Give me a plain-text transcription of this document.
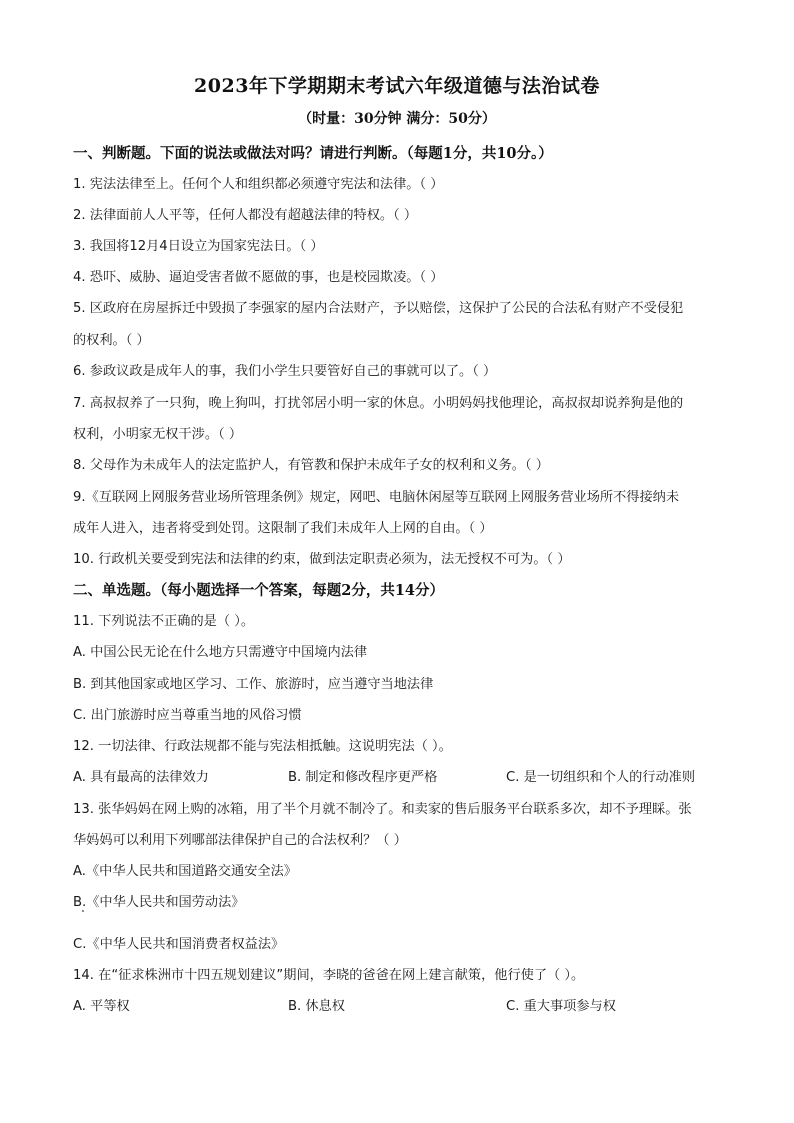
2023年下学期期末考试六年级道德与法治试卷
（时量：30分钟 满分：50分）
一、判断题。下面的说法或做法对吗？请进行判断。（每题1分，共10分。）
1. 宪法法律至上。任何个人和组织都必须遵守宪法和法律。（ ）
2. 法律面前人人平等，任何人都没有超越法律的特权。（ ）
3. 我国将12月4日设立为国家宪法日。（ ）
4. 恐吓、威胁、逼迫受害者做不愿做的事，也是校园欺凌。（ ）
5. 区政府在房屋拆迁中毁损了李强家的屋内合法财产，予以赔偿，这保护了公民的合法私有财产不受侵犯
的权利。（ ）
6. 参政议政是成年人的事，我们小学生只要管好自己的事就可以了。（ ）
7. 高叔叔养了一只狗，晚上狗叫，打扰邻居小明一家的休息。小明妈妈找他理论，高叔叔却说养狗是他的
权利，小明家无权干涉。（ ）
8. 父母作为未成年人的法定监护人，有管教和保护未成年子女的权利和义务。（ ）
9.《互联网上网服务营业场所管理条例》规定，网吧、电脑休闲屋等互联网上网服务营业场所不得接纳未
成年人进入，违者将受到处罚。这限制了我们未成年人上网的自由。（ ）
10. 行政机关要受到宪法和法律的约束，做到法定职责必须为，法无授权不可为。（ ）
二、单选题。（每小题选择一个答案，每题2分，共14分）
11. 下列说法不正确的是（ ）。
A. 中国公民无论在什么地方只需遵守中国境内法律
B. 到其他国家或地区学习、工作、旅游时，应当遵守当地法律
C. 出门旅游时应当尊重当地的风俗习惯
12. 一切法律、行政法规都不能与宪法相抵触。这说明宪法（ ）。
A. 具有最高的法律效力	B. 制定和修改程序更严格	C. 是一切组织和个人的行动准则
13. 张华妈妈在网上购的冰箱，用了半个月就不制冷了。和卖家的售后服务平台联系多次，却不予理睬。张
华妈妈可以利用下列哪部法律保护自己的合法权利？（ ）
A.《中华人民共和国道路交通安全法》
B.《中华人民共和国劳动法》
C.《中华人民共和国消费者权益法》
14. 在“征求株洲市十四五规划建议”期间，李晓的爸爸在网上建言献策，他行使了（ ）。
A. 平等权	B. 休息权	C. 重大事项参与权
